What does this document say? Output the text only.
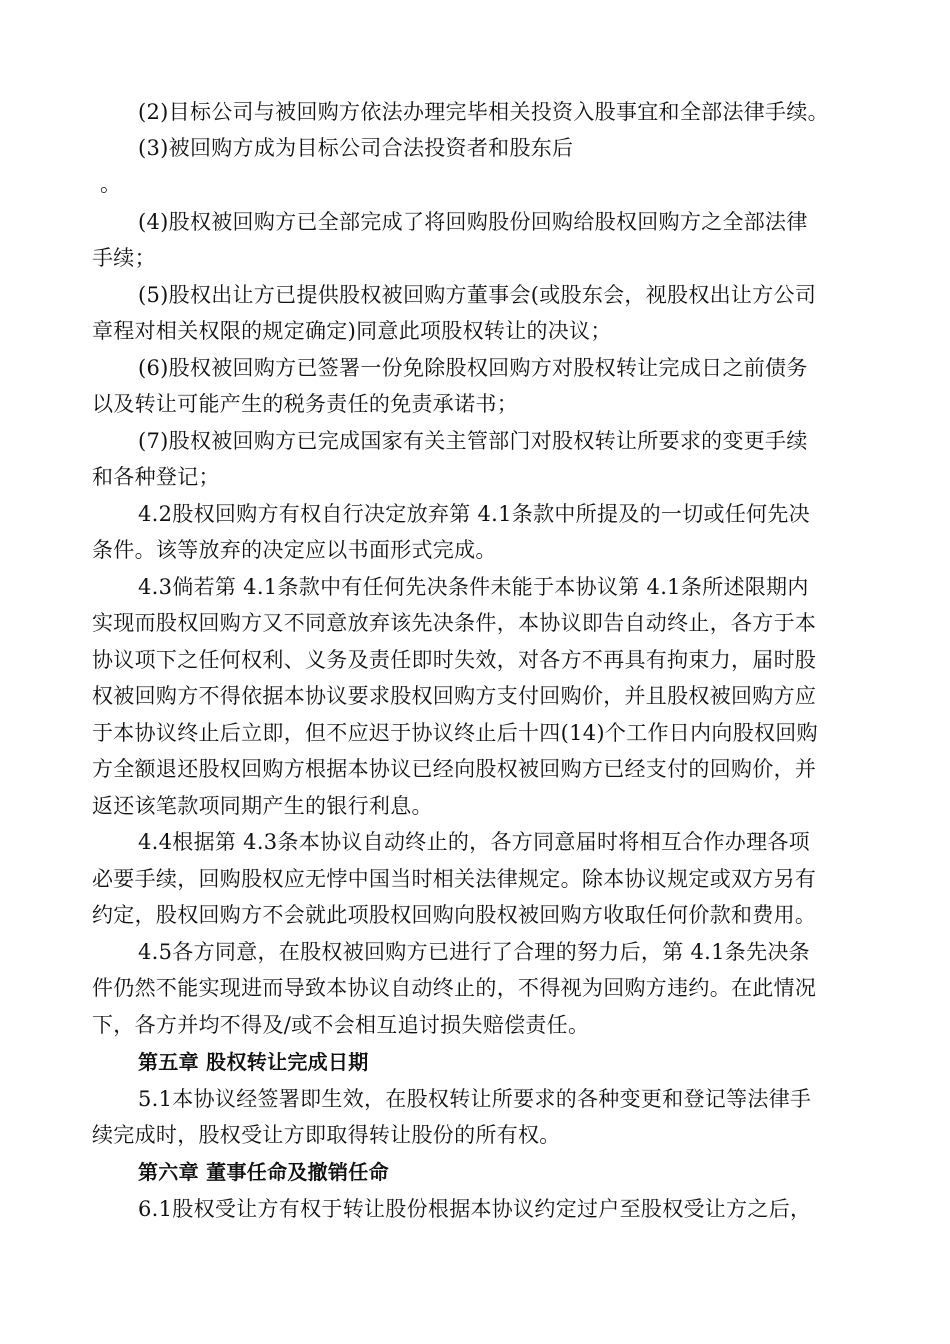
(2)目标公司与被回购方依法办理完毕相关投资入股事宜和全部法律手续。
(3)被回购方成为目标公司合法投资者和股东后
。
(4)股权被回购方已全部完成了将回购股份回购给股权回购方之全部法律
手续；
(5)股权出让方已提供股权被回购方董事会(或股东会，视股权出让方公司
章程对相关权限的规定确定)同意此项股权转让的决议；
(6)股权被回购方已签署一份免除股权回购方对股权转让完成日之前债务
以及转让可能产生的税务责任的免责承诺书；
(7)股权被回购方已完成国家有关主管部门对股权转让所要求的变更手续
和各种登记；
4.2股权回购方有权自行决定放弃第 4.1条款中所提及的一切或任何先决
条件。该等放弃的决定应以书面形式完成。
4.3倘若第 4.1条款中有任何先决条件未能于本协议第 4.1条所述限期内
实现而股权回购方又不同意放弃该先决条件，本协议即告自动终止，各方于本
协议项下之任何权利、义务及责任即时失效，对各方不再具有拘束力，届时股
权被回购方不得依据本协议要求股权回购方支付回购价，并且股权被回购方应
于本协议终止后立即，但不应迟于协议终止后十四(14)个工作日内向股权回购
方全额退还股权回购方根据本协议已经向股权被回购方已经支付的回购价，并
返还该笔款项同期产生的银行利息。
4.4根据第 4.3条本协议自动终止的，各方同意届时将相互合作办理各项
必要手续，回购股权应无悖中国当时相关法律规定。除本协议规定或双方另有
约定，股权回购方不会就此项股权回购向股权被回购方收取任何价款和费用。
4.5各方同意，在股权被回购方已进行了合理的努力后，第 4.1条先决条
件仍然不能实现进而导致本协议自动终止的，不得视为回购方违约。在此情况
下，各方并均不得及/或不会相互追讨损失赔偿责任。
第五章 股权转让完成日期
5.1本协议经签署即生效，在股权转让所要求的各种变更和登记等法律手
续完成时，股权受让方即取得转让股份的所有权。
第六章 董事任命及撤销任命
6.1股权受让方有权于转让股份根据本协议约定过户至股权受让方之后，
